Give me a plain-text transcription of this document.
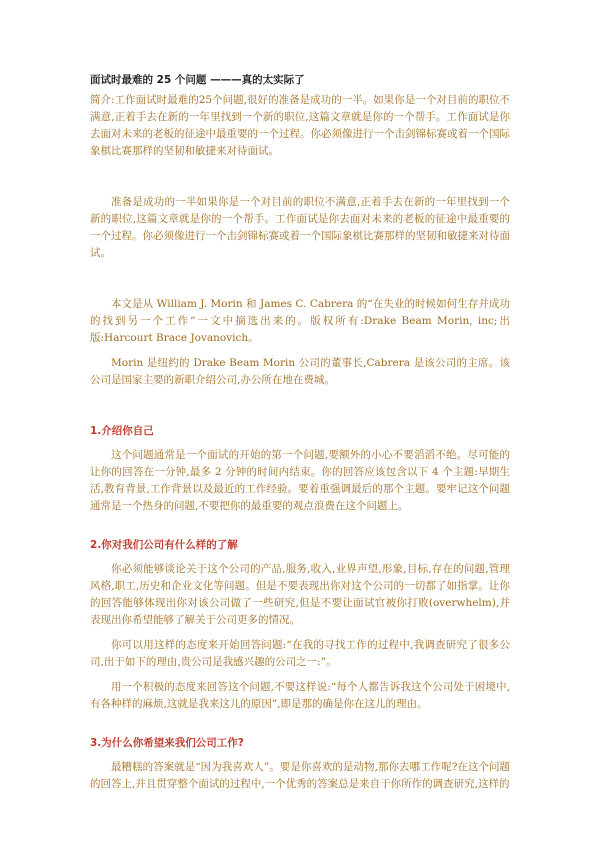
面试时最难的 25 个问题 ———真的太实际了

简介:工作面试时最难的25个问题,很好的准备是成功的一半。如果你是一个对目前的职位不满意,正着手去在新的一年里找到一个新的职位,这篇文章就是你的一个帮手。工作面试是你去面对未来的老板的征途中最重要的一个过程。你必须像进行一个击剑锦标赛或着一个国际象棋比赛那样的坚韧和敏捷来对待面试。

准备是成功的一半如果你是一个对目前的职位不满意,正着手去在新的一年里找到一个新的职位,这篇文章就是你的一个帮手。工作面试是你去面对未来的老板的征途中最重要的一个过程。你必须像进行一个击剑锦标赛或着一个国际象棋比赛那样的坚韧和敏捷来对待面试。

本文是从 William J. Morin 和 James C. Cabrera 的“在失业的时候如何生存并成功的找到另一个工作”一文中摘选出来的。版权所有:Drake Beam Morin, inc;出版:Harcourt Brace Jovanovich。

Morin 是纽约的 Drake Beam Morin 公司的董事长,Cabrera 是该公司的主席。该公司是国家主要的新职介绍公司,办公所在地在费城。

1.介绍你自己

这个问题通常是一个面试的开始的第一个问题,要额外的小心不要滔滔不绝。尽可能的让你的回答在一分钟,最多 2 分钟的时间内结束。你的回答应该包含以下 4 个主题:早期生活,教育背景,工作背景以及最近的工作经验。要着重强调最后的那个主题。要牢记这个问题通常是一个热身的问题,不要把你的最重要的观点浪费在这个问题上。

2.你对我们公司有什么样的了解

你必须能够谈论关于这个公司的产品,服务,收入,业界声望,形象,目标,存在的问题,管理风格,职工,历史和企业文化等问题。但是不要表现出你对这个公司的一切都了如指掌。让你的回答能够体现出你对该公司做了一些研究,但是不要让面试官被你打败(overwhelm),并表现出你希望能够了解关于公司更多的情况。

你可以用这样的态度来开始回答问题:“在我的寻找工作的过程中,我调查研究了很多公司,出于如下的理由,贵公司是我感兴趣的公司之一:”。

用一个积极的态度来回答这个问题,不要这样说:“每个人都告诉我这个公司处于困境中,有各种样的麻烦,这就是我来这儿的原因”,即是那的确是你在这儿的理由。

3.为什么你希望来我们公司工作?

最糟糕的答案就是“因为我喜欢人”。要是你喜欢的是动物,那你去哪工作呢?在这个问题的回答上,并且贯穿整个面试的过程中,一个优秀的答案总是来自于你所作的调查研究,这样的
